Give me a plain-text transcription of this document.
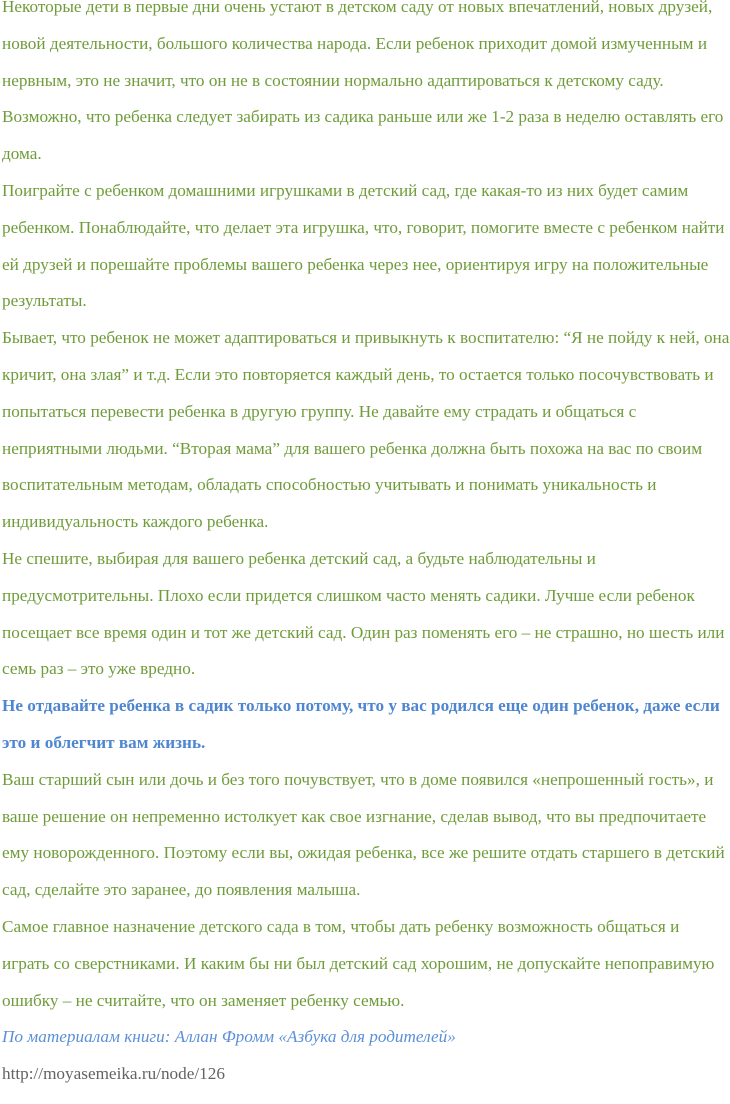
Некоторые дети в первые дни очень устают в детском саду от новых впечатлений, новых друзей, новой деятельности, большого количества народа. Если ребенок приходит домой измученным и нервным, это не значит, что он не в состоянии нормально адаптироваться к детскому саду. Возможно, что ребенка следует забирать из садика раньше или же 1-2 раза в неделю оставлять его дома.

Поиграйте с ребенком домашними игрушками в детский сад, где какая-то из них будет самим ребенком. Понаблюдайте, что делает эта игрушка, что, говорит, помогите вместе с ребенком найти ей друзей и порешайте проблемы вашего ребенка через нее, ориентируя игру на положительные результаты.

Бывает, что ребенок не может адаптироваться и привыкнуть к воспитателю: “Я не пойду к ней, она кричит, она злая” и т.д. Если это повторяется каждый день, то остается только посочувствовать и попытаться перевести ребенка в другую группу. Не давайте ему страдать и общаться с неприятными людьми. “Вторая мама” для вашего ребенка должна быть похожа на вас по своим воспитательным методам, обладать способностью учитывать и понимать уникальность и индивидуальность каждого ребенка.

Не спешите, выбирая для вашего ребенка детский сад, а будьте наблюдательны и предусмотрительны. Плохо если придется слишком часто менять садики. Лучше если ребенок посещает все время один и тот же детский сад. Один раз поменять его – не страшно, но шесть или семь раз – это уже вредно.

Не отдавайте ребенка в садик только потому, что у вас родился еще один ребенок, даже если это и облегчит вам жизнь.

Ваш старший сын или дочь и без того почувствует, что в доме появился «непрошенный гость», и ваше решение он непременно истолкует как свое изгнание, сделав вывод, что вы предпочитаете ему новорожденного. Поэтому если вы, ожидая ребенка, все же решите отдать старшего в детский сад, сделайте это заранее, до появления малыша.

Самое главное назначение детского сада в том, чтобы дать ребенку возможность общаться и играть со сверстниками. И каким бы ни был детский сад хорошим, не допускайте непоправимую ошибку – не считайте, что он заменяет ребенку семью.

По материалам книги: Аллан Фромм «Азбука для родителей»

http://moyasemeika.ru/node/126
